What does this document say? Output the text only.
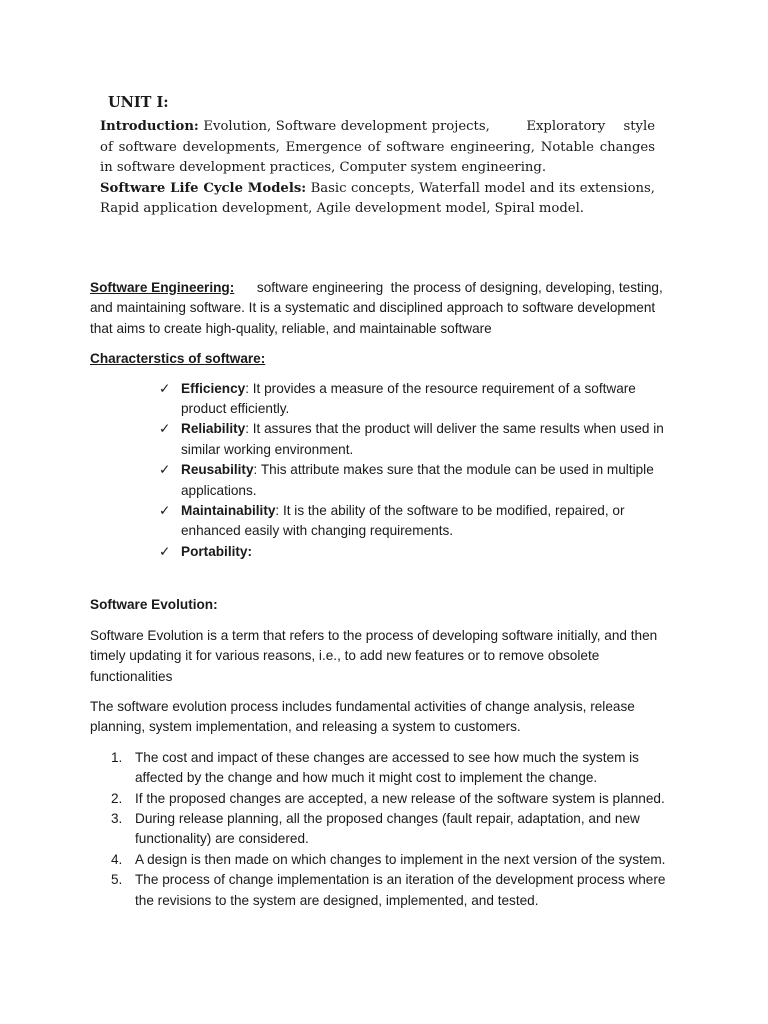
UNIT I:

Introduction: Evolution, Software development projects,        Exploratory    style    of software developments, Emergence of software engineering, Notable changes in software development practices, Computer system engineering.

Software Life Cycle Models: Basic concepts, Waterfall model and its extensions, Rapid application development, Agile development model, Spiral model.

Software Engineering:      software engineering  the process of designing, developing, testing, and maintaining software. It is a systematic and disciplined approach to software development that aims to create high-quality, reliable, and maintainable software

Characterstics of software:

✓ Efficiency: It provides a measure of the resource requirement of a software product efficiently.
✓ Reliability: It assures that the product will deliver the same results when used in similar working environment.
✓ Reusability: This attribute makes sure that the module can be used in multiple applications.
✓ Maintainability: It is the ability of the software to be modified, repaired, or enhanced easily with changing requirements.
✓ Portability:

Software Evolution:

Software Evolution is a term that refers to the process of developing software initially, and then timely updating it for various reasons, i.e., to add new features or to remove obsolete functionalities

The software evolution process includes fundamental activities of change analysis, release planning, system implementation, and releasing a system to customers.

1. The cost and impact of these changes are accessed to see how much the system is affected by the change and how much it might cost to implement the change.
2. If the proposed changes are accepted, a new release of the software system is planned.
3. During release planning, all the proposed changes (fault repair, adaptation, and new functionality) are considered.
4. A design is then made on which changes to implement in the next version of the system.
5. The process of change implementation is an iteration of the development process where the revisions to the system are designed, implemented, and tested.
